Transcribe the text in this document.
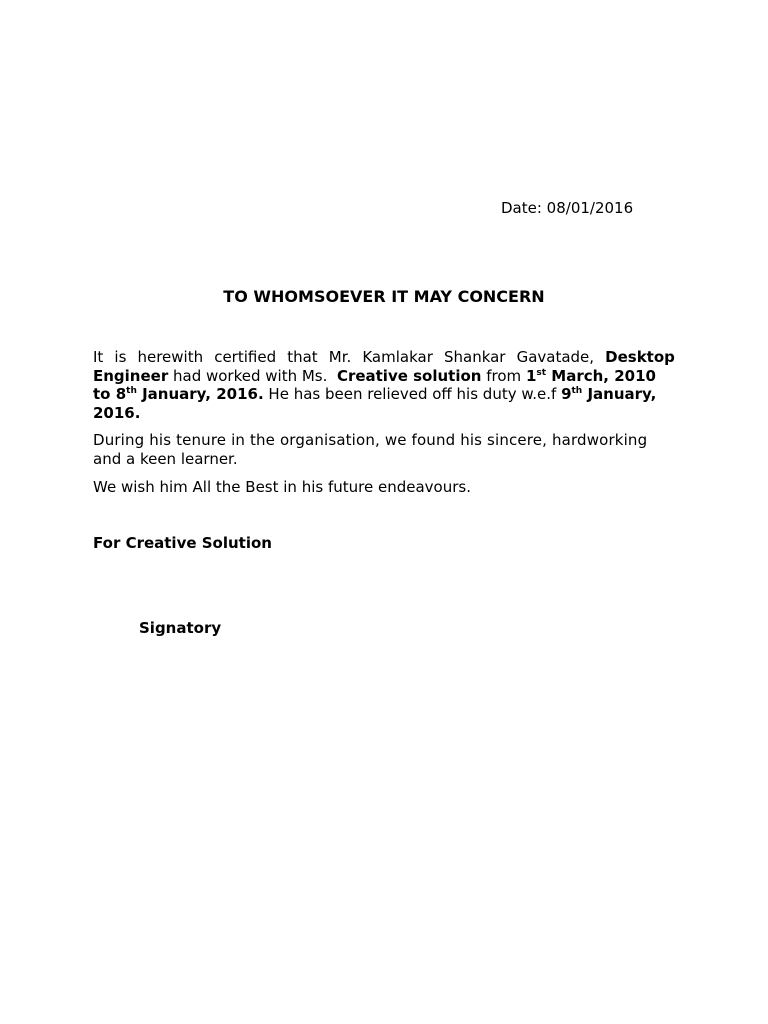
Date: 08/01/2016
TO WHOMSOEVER IT MAY CONCERN
It is herewith certified that Mr. Kamlakar Shankar Gavatade, Desktop
Engineer had worked with Ms.  Creative solution from 1st March, 2010
to 8th January, 2016. He has been relieved off his duty w.e.f 9th January,
2016.
During his tenure in the organisation, we found his sincere, hardworking
and a keen learner.
We wish him All the Best in his future endeavours.
For Creative Solution
Signatory
